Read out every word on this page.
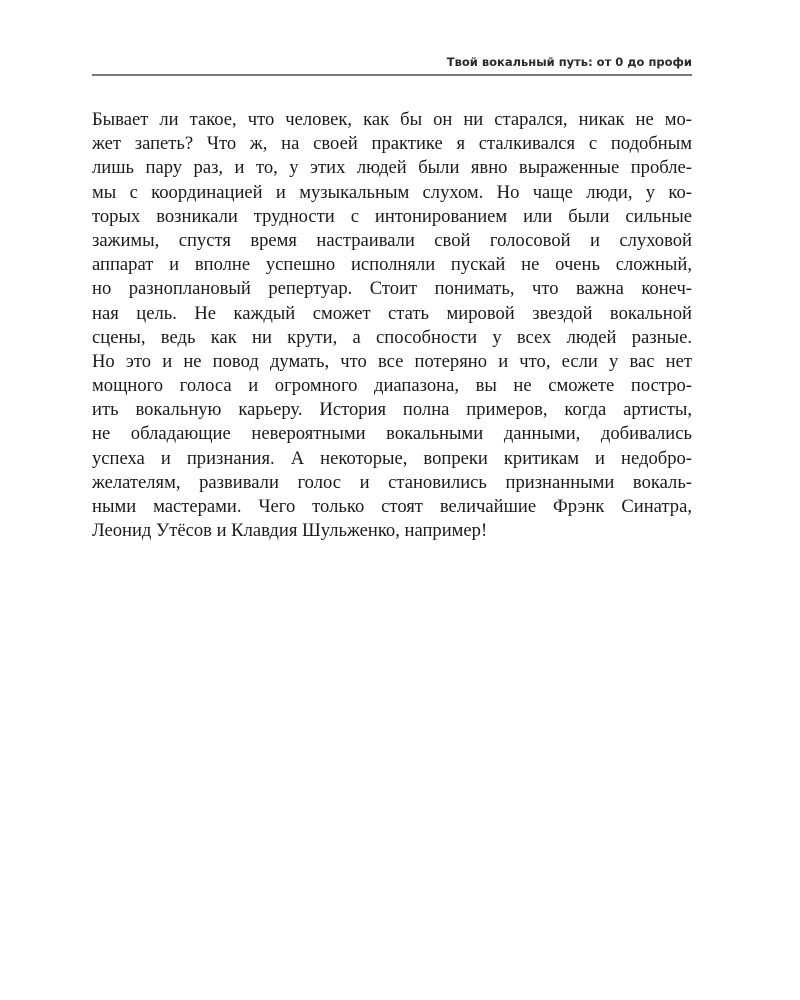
Твой вокальный путь: от 0 до профи
Бывает ли такое, что человек, как бы он ни старался, никак не мо-
жет запеть? Что ж, на своей практике я сталкивался с подобным
лишь пару раз, и то, у этих людей были явно выраженные пробле-
мы с координацией и музыкальным слухом. Но чаще люди, у ко-
торых возникали трудности с интонированием или были сильные
зажимы, спустя время настраивали свой голосовой и слуховой
аппарат и вполне успешно исполняли пускай не очень сложный,
но разноплановый репертуар. Стоит понимать, что важна конеч-
ная цель. Не каждый сможет стать мировой звездой вокальной
сцены, ведь как ни крути, а способности у всех людей разные.
Но это и не повод думать, что все потеряно и что, если у вас нет
мощного голоса и огромного диапазона, вы не сможете постро-
ить вокальную карьеру. История полна примеров, когда артисты,
не обладающие невероятными вокальными данными, добивались
успеха и признания. А некоторые, вопреки критикам и недобро-
желателям, развивали голос и становились признанными вокаль-
ными мастерами. Чего только стоят величайшие Фрэнк Синатра,
Леонид Утёсов и Клавдия Шульженко, например!
